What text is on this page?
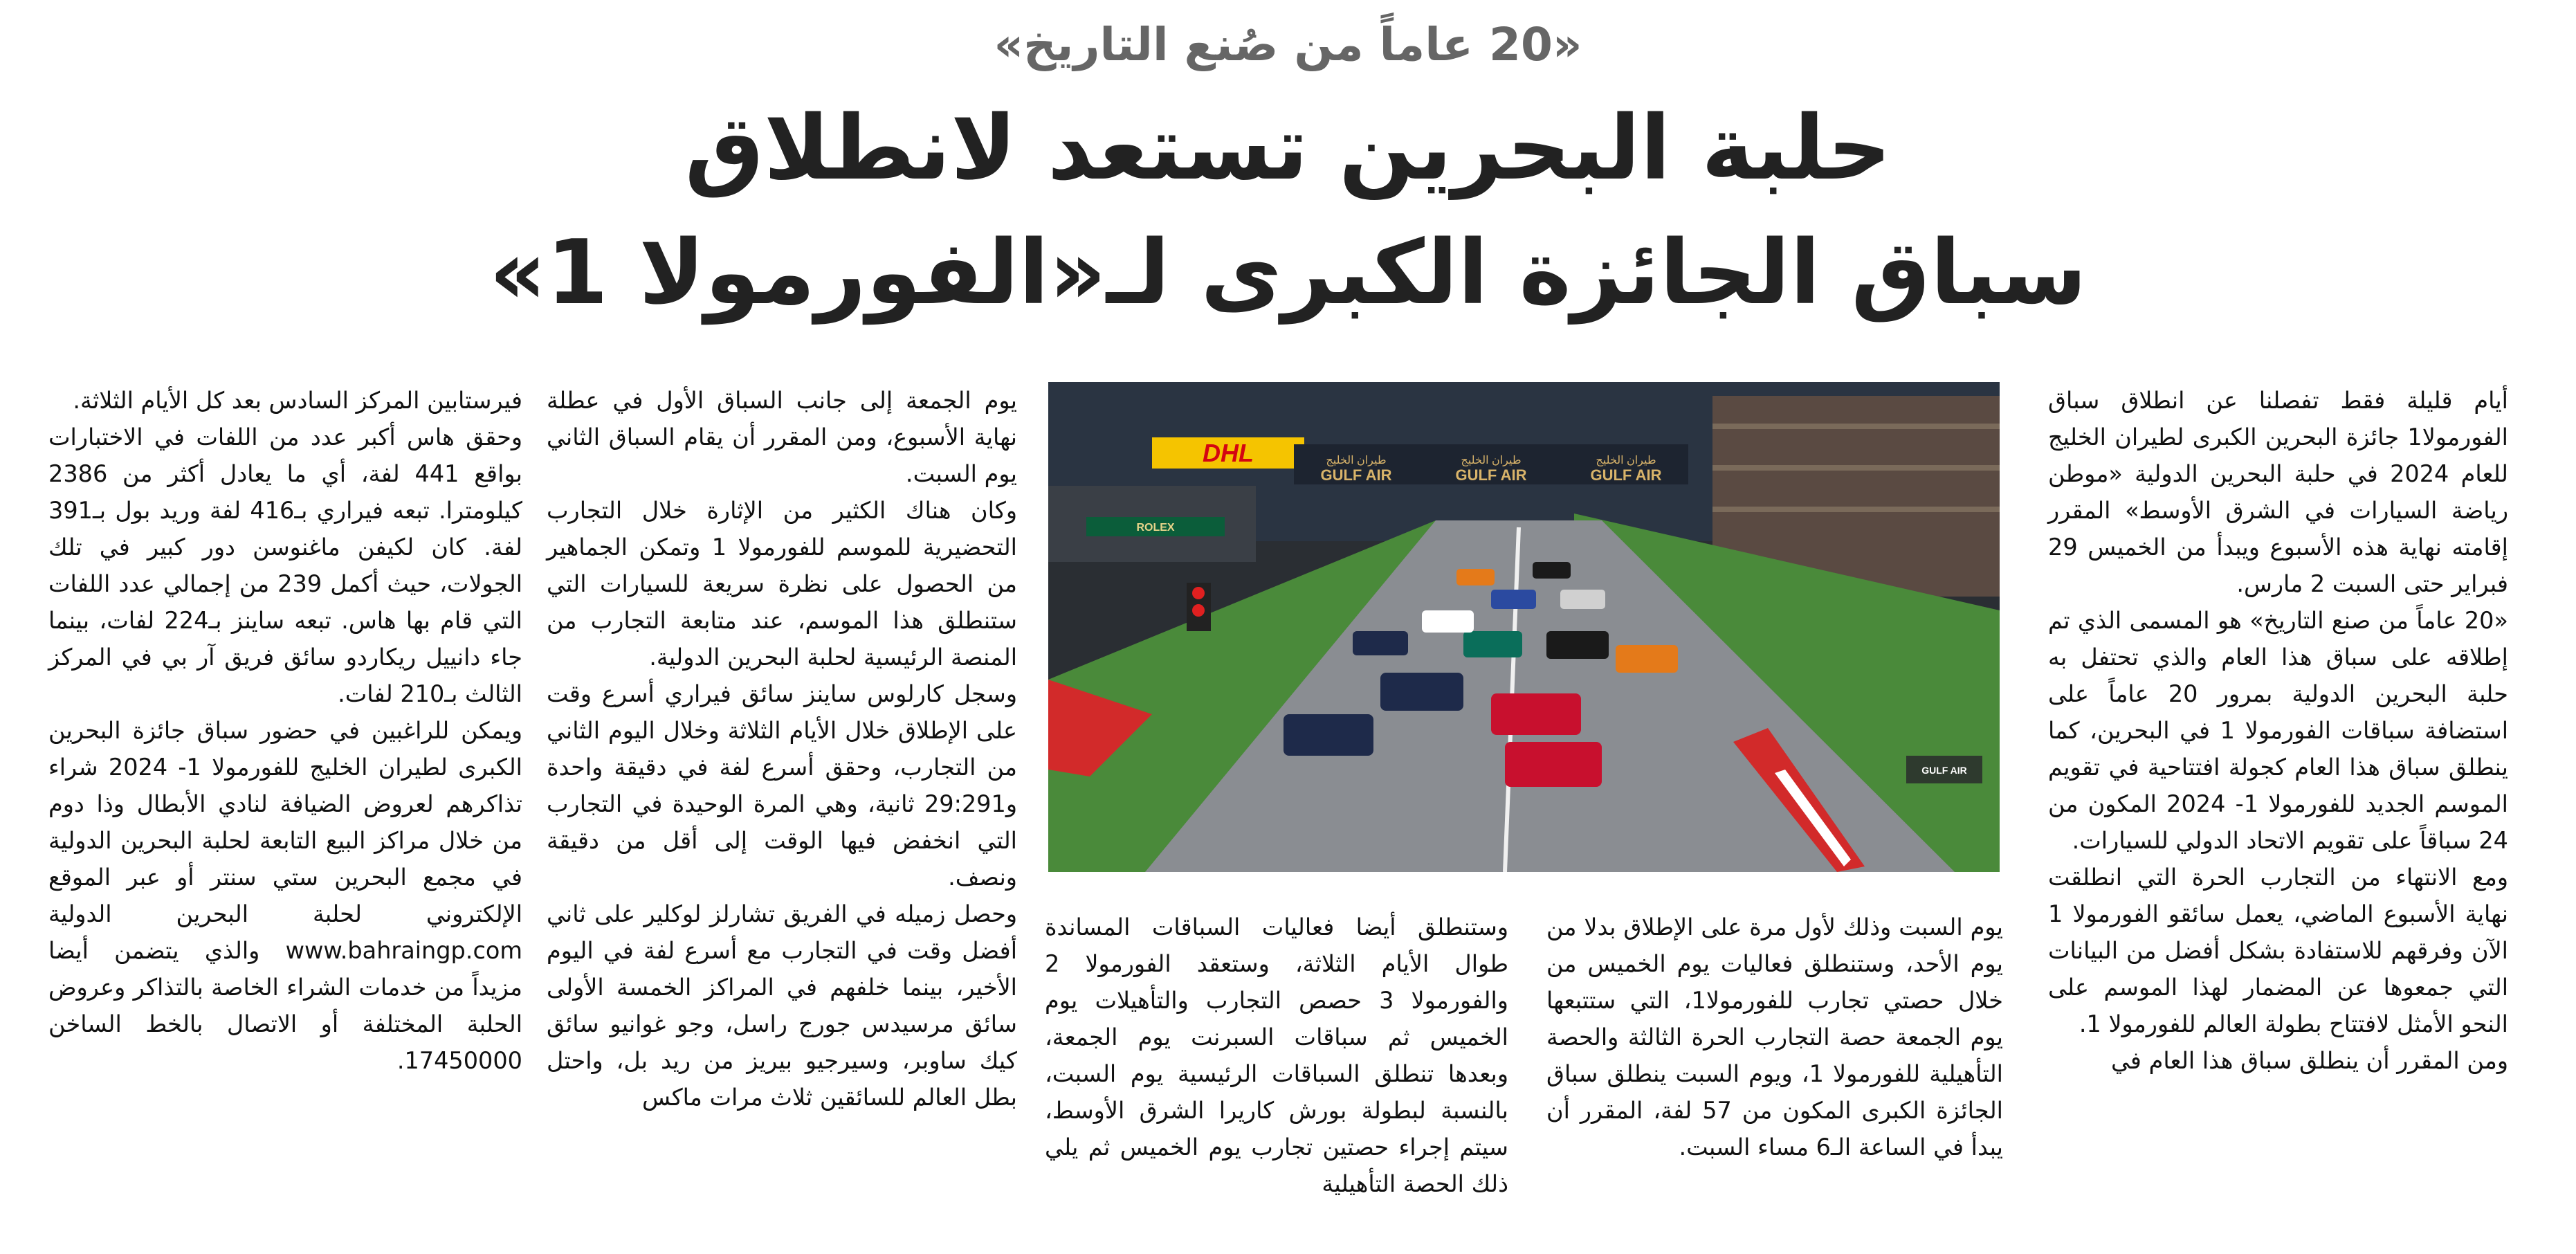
«20 عاماً من صُنع التاريخ»
حلبة البحرين تستعد لانطلاق
سباق الجائزة الكبرى لـ«الفورمولا 1»

أيام قليلة فقط تفصلنا عن انطلاق سباق الفورمولا1 جائزة البحرين الكبرى لطيران الخليج للعام 2024 في حلبة البحرين الدولية «موطن رياضة السيارات في الشرق الأوسط» المقرر إقامته نهاية هذه الأسبوع ويبدأ من الخميس 29 فبراير حتى السبت 2 مارس.

«20 عاماً من صنع التاريخ» هو المسمى الذي تم إطلاقه على سباق هذا العام والذي تحتفل به حلبة البحرين الدولية بمرور 20 عاماً على استضافة سباقات الفورمولا 1 في البحرين، كما ينطلق سباق هذا العام كجولة افتتاحية في تقويم الموسم الجديد للفورمولا 1- 2024 المكون من 24 سباقاً على تقويم الاتحاد الدولي للسيارات.

ومع الانتهاء من التجارب الحرة التي انطلقت نهاية الأسبوع الماضي، يعمل سائقو الفورمولا 1 الآن وفرقهم للاستفادة بشكل أفضل من البيانات التي جمعوها عن المضمار لهذا الموسم على النحو الأمثل لافتتاح بطولة العالم للفورمولا 1.

ومن المقرر أن ينطلق سباق هذا العام في

DHL	طيران الخليج	طيران الخليج	طيران الخليج
GULF AIR	GULF AIR	GULF AIR
ROLEX
GULF AIR

يوم السبت وذلك لأول مرة على الإطلاق بدلا من يوم الأحد، وستنطلق فعاليات يوم الخميس من خلال حصتي تجارب للفورمولا1، التي ستتبعها يوم الجمعة حصة التجارب الحرة الثالثة والحصة التأهيلية للفورمولا 1، ويوم السبت ينطلق سباق الجائزة الكبرى المكون من 57 لفة، المقرر أن يبدأ في الساعة الـ6 مساء السبت.

وستنطلق أيضا فعاليات السباقات المساندة طوال الأيام الثلاثة، وستعقد الفورمولا 2 والفورمولا 3 حصص التجارب والتأهيلات يوم الخميس ثم سباقات السبرنت يوم الجمعة، وبعدها تنطلق السباقات الرئيسية يوم السبت، بالنسبة لبطولة بورش كاريرا الشرق الأوسط، سيتم إجراء حصتين تجارب يوم الخميس ثم يلي ذلك الحصة التأهيلية

يوم الجمعة إلى جانب السباق الأول في عطلة نهاية الأسبوع، ومن المقرر أن يقام السباق الثاني يوم السبت.

وكان هناك الكثير من الإثارة خلال التجارب التحضيرية للموسم للفورمولا 1 وتمكن الجماهير من الحصول على نظرة سريعة للسيارات التي ستنطلق هذا الموسم، عند متابعة التجارب من المنصة الرئيسية لحلبة البحرين الدولية.

وسجل كارلوس ساينز سائق فيراري أسرع وقت على الإطلاق خلال الأيام الثلاثة وخلال اليوم الثاني من التجارب، وحقق أسرع لفة في دقيقة واحدة و29:291 ثانية، وهي المرة الوحيدة في التجارب التي انخفض فيها الوقت إلى أقل من دقيقة ونصف.

وحصل زميله في الفريق تشارلز لوكلير على ثاني أفضل وقت في التجارب مع أسرع لفة في اليوم الأخير، بينما خلفهم في المراكز الخمسة الأولى سائق مرسيدس جورج راسل، وجو غوانيو سائق كيك ساوبر، وسيرجيو بيريز من ريد بل، واحتل بطل العالم للسائقين ثلاث مرات ماكس

فيرستابين المركز السادس بعد كل الأيام الثلاثة.

وحقق هاس أكبر عدد من اللفات في الاختبارات بواقع 441 لفة، أي ما يعادل أكثر من 2386 كيلومترا. تبعه فيراري بـ416 لفة وريد بول بـ391 لفة. كان لكيفن ماغنوسن دور كبير في تلك الجولات، حيث أكمل 239 من إجمالي عدد اللفات التي قام بها هاس. تبعه ساينز بـ224 لفات، بينما جاء دانييل ريكاردو سائق فريق آر بي في المركز الثالث بـ210 لفات.

ويمكن للراغبين في حضور سباق جائزة البحرين الكبرى لطيران الخليج للفورمولا 1- 2024 شراء تذاكرهم لعروض الضيافة لنادي الأبطال وذا دوم من خلال مراكز البيع التابعة لحلبة البحرين الدولية في مجمع البحرين ستي سنتر أو عبر الموقع الإلكتروني لحلبة البحرين الدولية www.bahraingp.com والذي يتضمن أيضا مزيداً من خدمات الشراء الخاصة بالتذاكر وعروض الحلبة المختلفة أو الاتصال بالخط الساخن 17450000.
